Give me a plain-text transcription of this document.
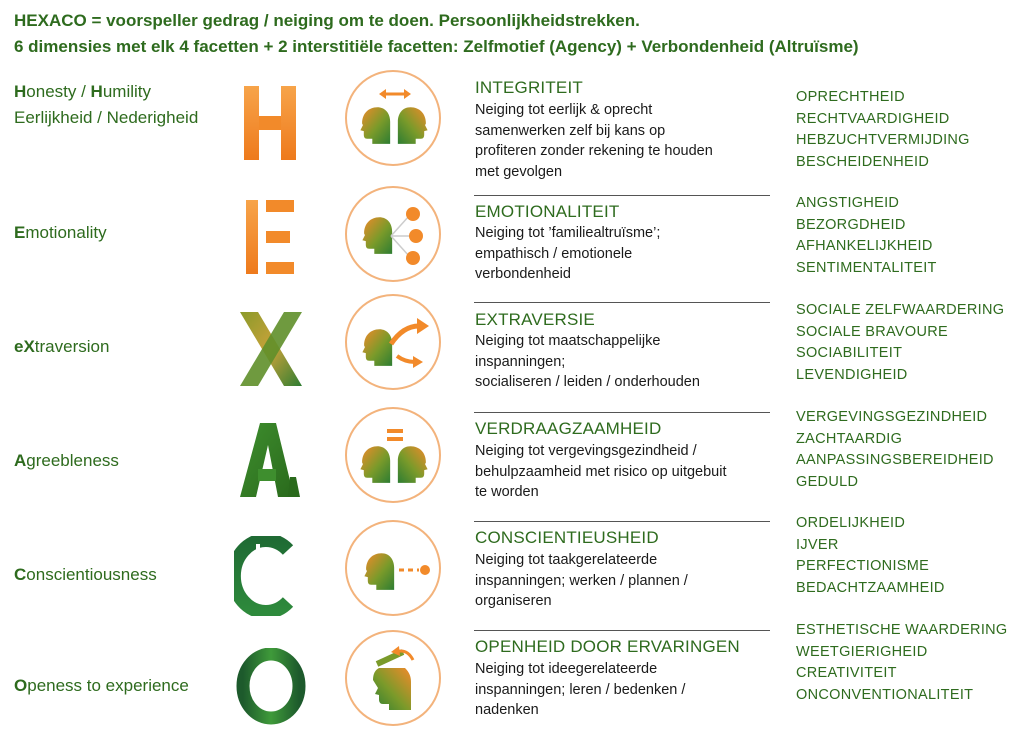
HEXACO = voorspeller gedrag / neiging om te doen. Persoonlijkheidstrekken.
6 dimensies met elk 4 facetten + 2 interstitiële facetten: Zelfmotief (Agency) + Verbondenheid (Altruïsme)
Honesty / Humility
Eerlijkheid / Nederigheid
INTEGRITEIT
Neiging tot eerlijk & oprecht
samenwerken zelf bij kans op
profiteren zonder rekening te houden
met gevolgen
OPRECHTHEID
RECHTVAARDIGHEID
HEBZUCHTVERMIJDING
BESCHEIDENHEID
Emotionality
EMOTIONALITEIT
Neiging tot ’familiealtruïsme’;
empathisch / emotionele
verbondenheid
ANGSTIGHEID
BEZORGDHEID
AFHANKELIJKHEID
SENTIMENTALITEIT
eXtraversion
EXTRAVERSIE
Neiging tot maatschappelijke
inspanningen;
socialiseren / leiden / onderhouden
SOCIALE ZELFWAARDERING
SOCIALE BRAVOURE
SOCIABILITEIT
LEVENDIGHEID
Agreebleness
VERDRAAGZAAMHEID
Neiging tot vergevingsgezindheid /
behulpzaamheid met risico op uitgebuit
te worden
VERGEVINGSGEZINDHEID
ZACHTAARDIG
AANPASSINGSBEREIDHEID
GEDULD
Conscientiousness
CONSCIENTIEUSHEID
Neiging tot taakgerelateerde
inspanningen; werken / plannen /
organiseren
ORDELIJKHEID
IJVER
PERFECTIONISME
BEDACHTZAAMHEID
Openess to experience
OPENHEID DOOR ERVARINGEN
Neiging tot ideegerelateerde
inspanningen; leren / bedenken /
nadenken
ESTHETISCHE WAARDERING
WEETGIERIGHEID
CREATIVITEIT
ONCONVENTIONALITEIT
